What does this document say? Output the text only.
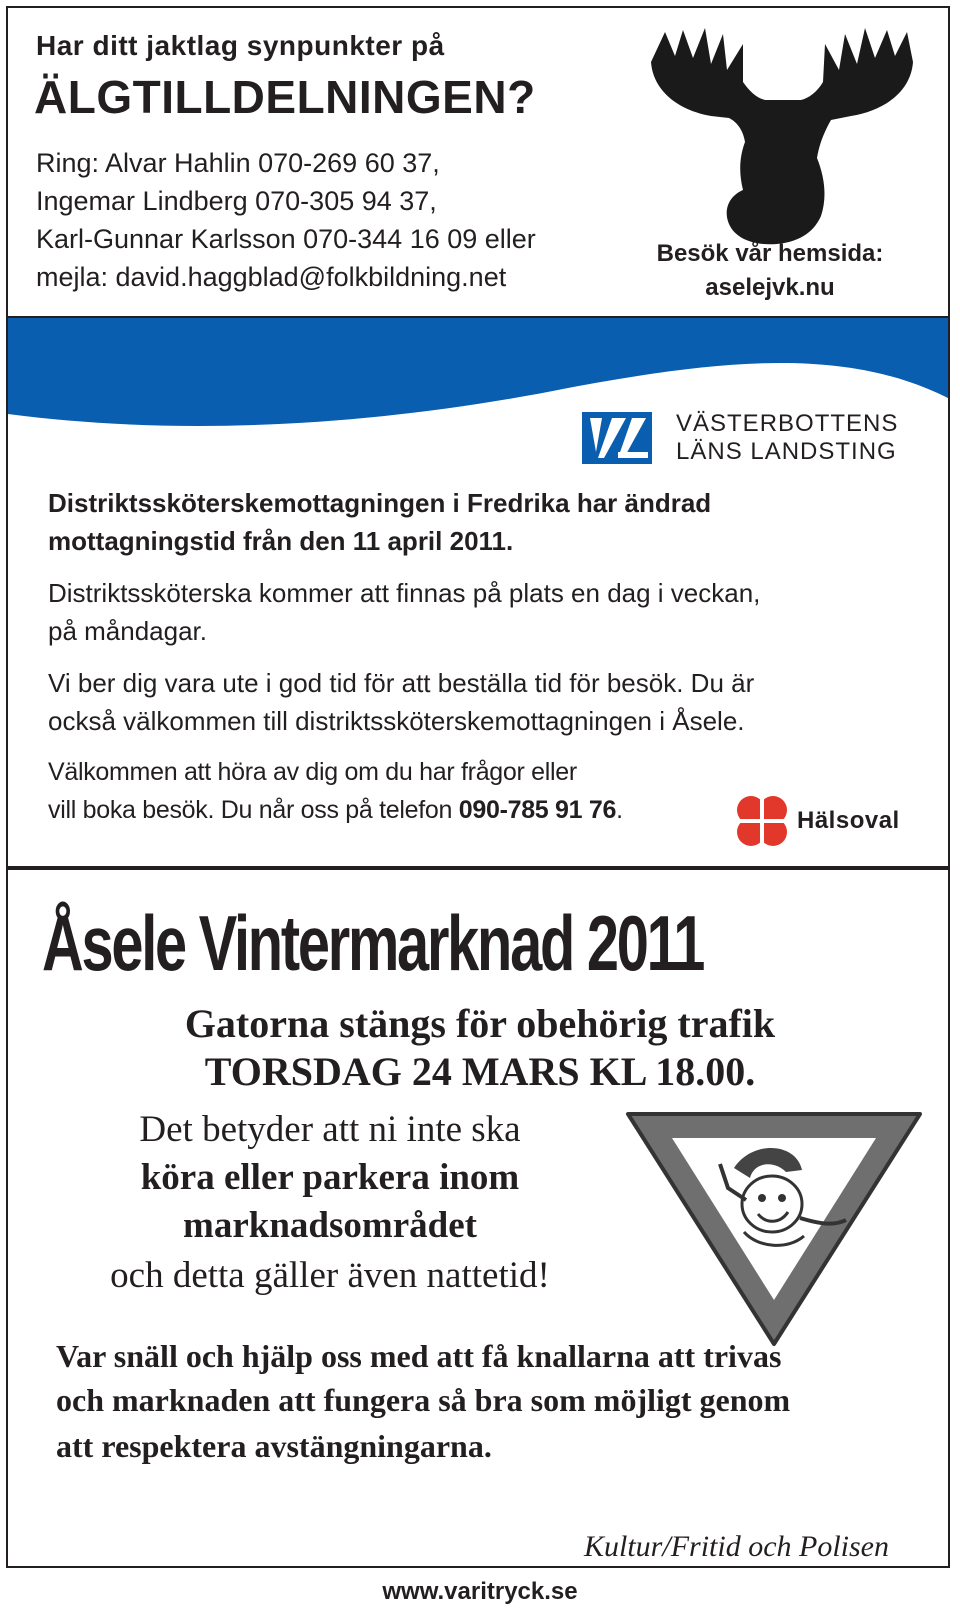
Har ditt jaktlag synpunkter på
ÄLGTILLDELNINGEN?
Ring: Alvar Hahlin 070-269 60 37,
Ingemar Lindberg 070-305 94 37,
Karl-Gunnar Karlsson 070-344 16 09 eller
mejla: david.haggblad@folkbildning.net
Besök vår hemsida:
aselejvk.nu
VÄSTERBOTTENS
LÄNS LANDSTING
Distriktssköterskemottagningen i Fredrika har ändrad
mottagningstid från den 11 april 2011.
Distriktssköterska kommer att finnas på plats en dag i veckan,
på måndagar.
Vi ber dig vara ute i god tid för att beställa tid för besök. Du är
också välkommen till distriktssköterskemottagningen i Åsele.
Välkommen att höra av dig om du har frågor eller
vill boka besök. Du når oss på telefon 090-785 91 76.	Hälsoval
Åsele Vintermarknad 2011
Gatorna stängs för obehörig trafik
TORSDAG 24 MARS KL 18.00.
Det betyder att ni inte ska
köra eller parkera inom
marknadsområdet
och detta gäller även nattetid!
Var snäll och hjälp oss med att få knallarna att trivas
och marknaden att fungera så bra som möjligt genom
att respektera avstängningarna.
Kultur/Fritid och Polisen
www.varitryck.se
